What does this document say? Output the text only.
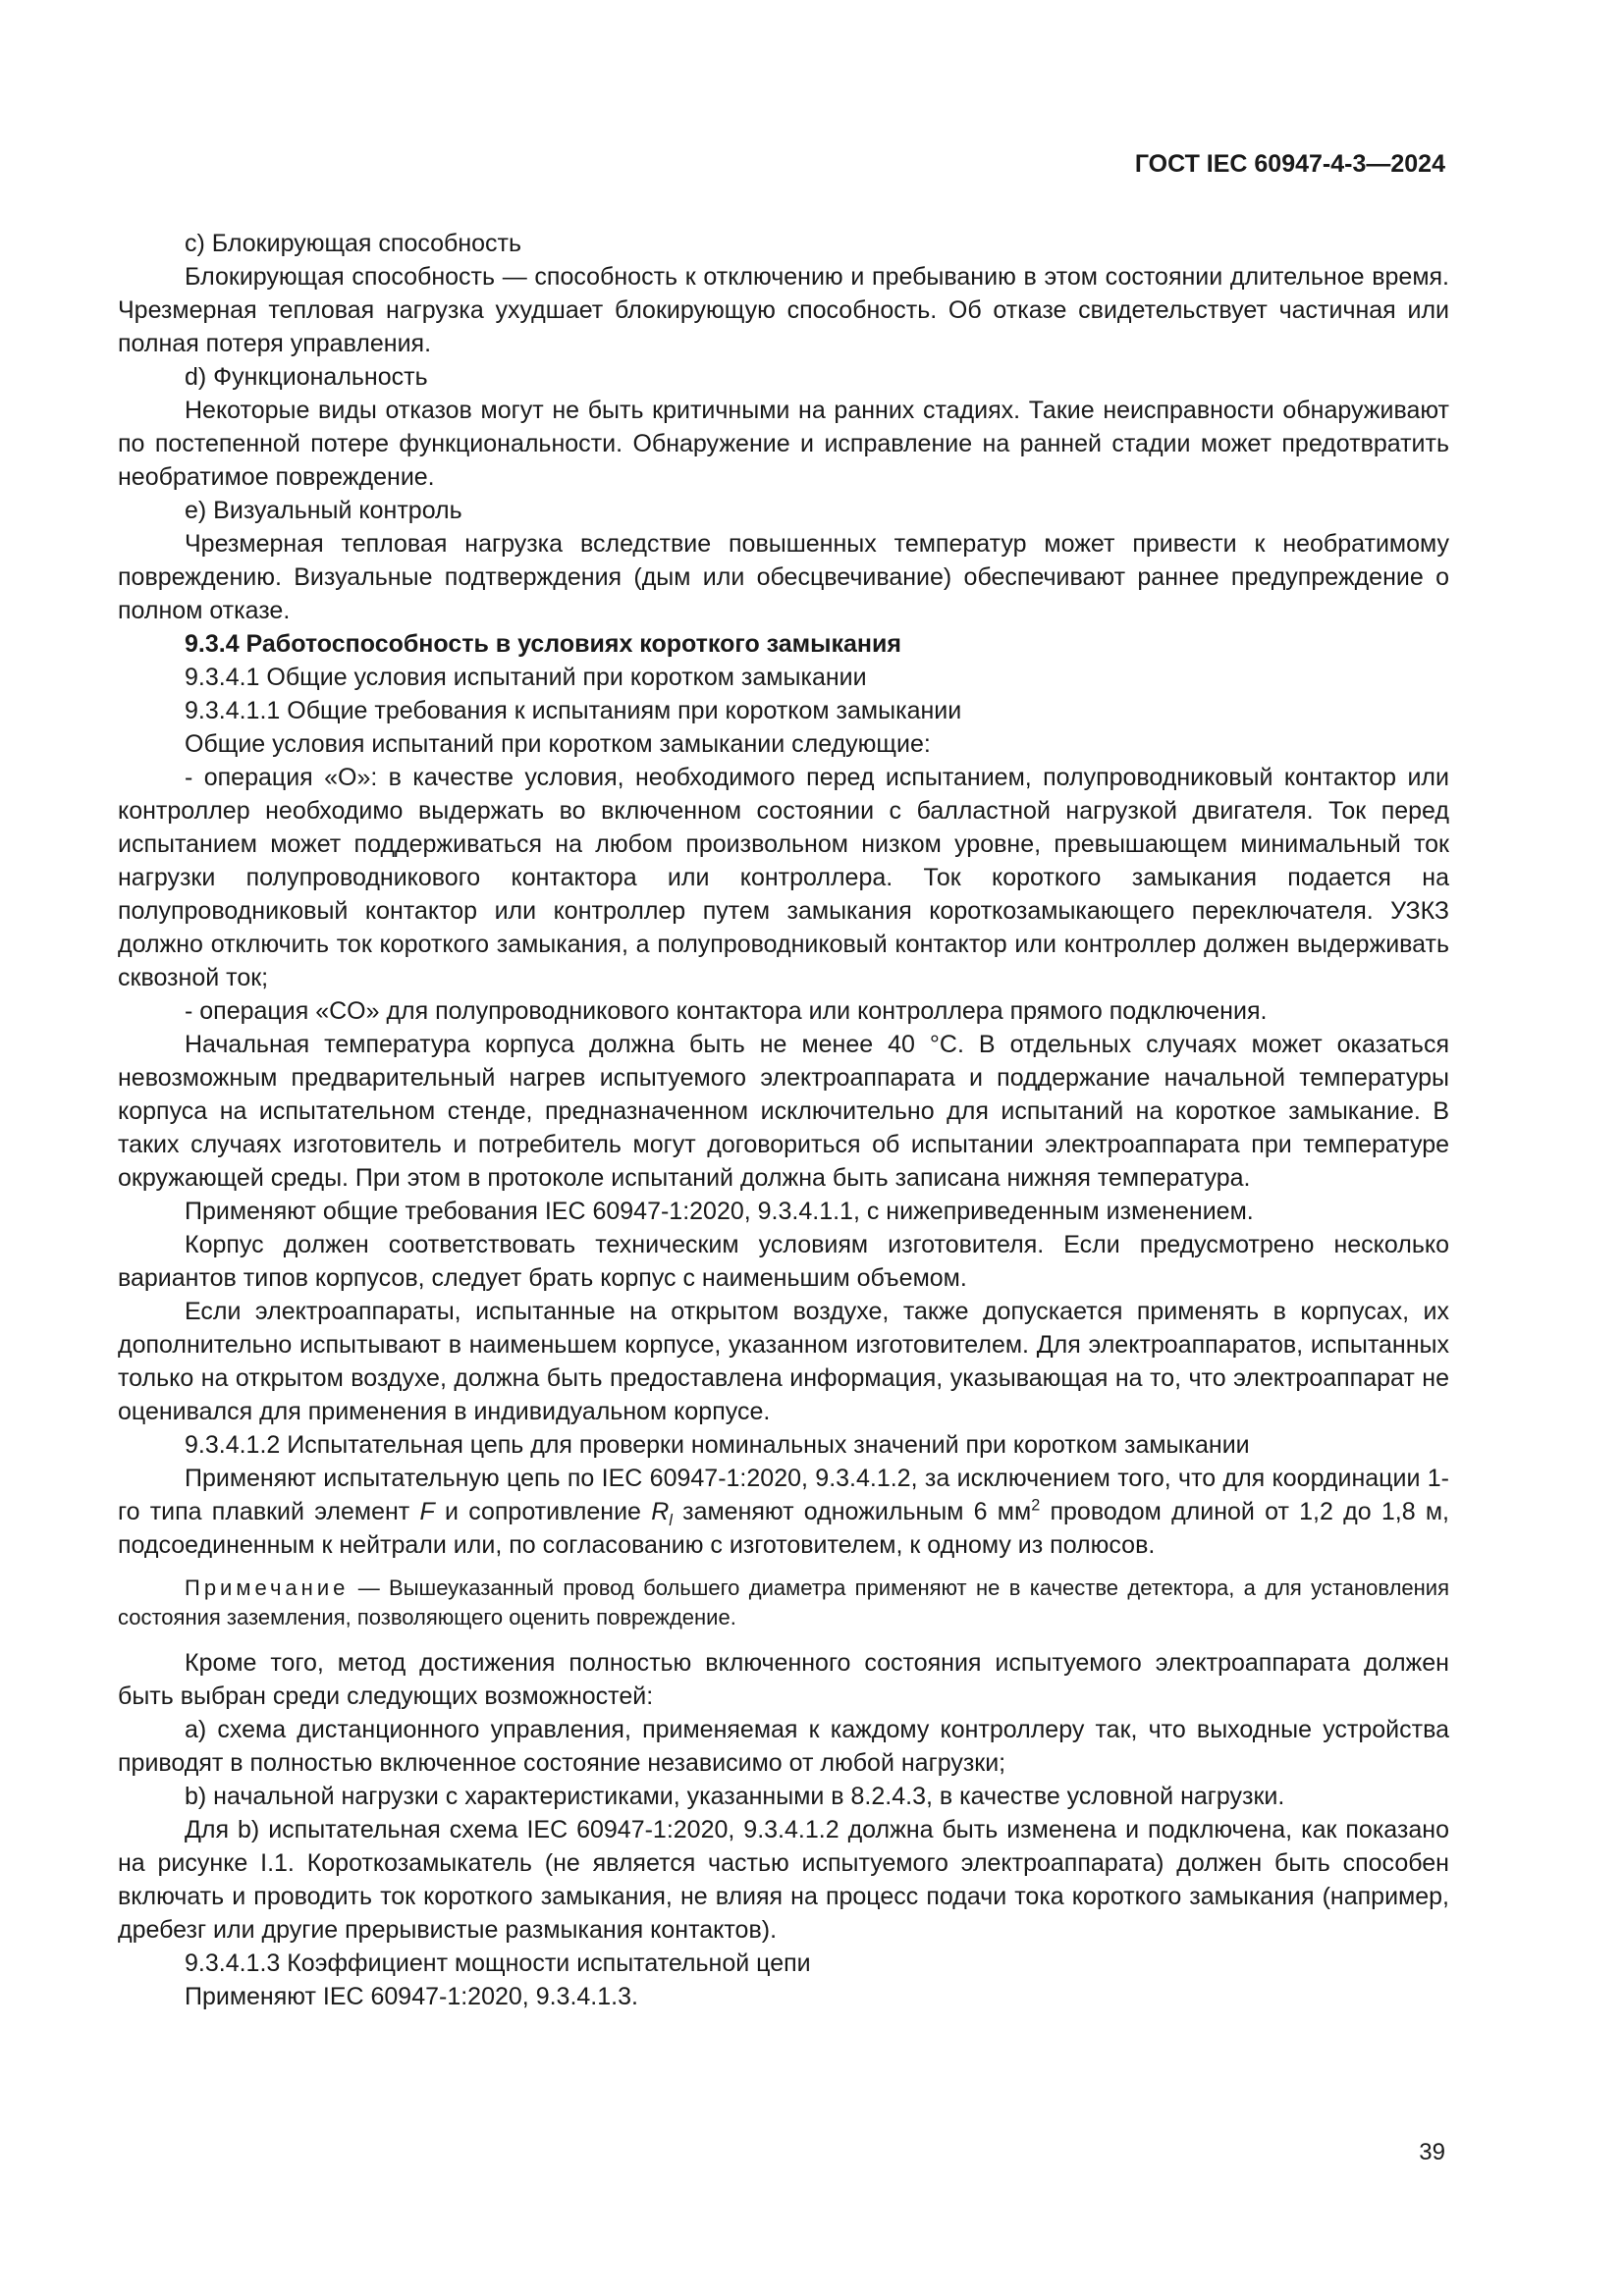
ГОСТ IEC 60947-4-3—2024

c) Блокирующая способность

Блокирующая способность — способность к отключению и пребыванию в этом состоянии длительное время. Чрезмерная тепловая нагрузка ухудшает блокирующую способность. Об отказе свидетельствует частичная или полная потеря управления.

d) Функциональность

Некоторые виды отказов могут не быть критичными на ранних стадиях. Такие неисправности обнаруживают по постепенной потере функциональности. Обнаружение и исправление на ранней стадии может предотвратить необратимое повреждение.

e) Визуальный контроль

Чрезмерная тепловая нагрузка вследствие повышенных температур может привести к необратимому повреждению. Визуальные подтверждения (дым или обесцвечивание) обеспечивают раннее предупреждение о полном отказе.

9.3.4 Работоспособность в условиях короткого замыкания

9.3.4.1 Общие условия испытаний при коротком замыкании

9.3.4.1.1 Общие требования к испытаниям при коротком замыкании

Общие условия испытаний при коротком замыкании следующие:

- операция «О»: в качестве условия, необходимого перед испытанием, полупроводниковый контактор или контроллер необходимо выдержать во включенном состоянии с балластной нагрузкой двигателя. Ток перед испытанием может поддерживаться на любом произвольном низком уровне, превышающем минимальный ток нагрузки полупроводникового контактора или контроллера. Ток короткого замыкания подается на полупроводниковый контактор или контроллер путем замыкания короткозамыкающего переключателя. УЗКЗ должно отключить ток короткого замыкания, а полупроводниковый контактор или контроллер должен выдерживать сквозной ток;

- операция «CO» для полупроводникового контактора или контроллера прямого подключения.

Начальная температура корпуса должна быть не менее 40 °С. В отдельных случаях может оказаться невозможным предварительный нагрев испытуемого электроаппарата и поддержание начальной температуры корпуса на испытательном стенде, предназначенном исключительно для испытаний на короткое замыкание. В таких случаях изготовитель и потребитель могут договориться об испытании электроаппарата при температуре окружающей среды. При этом в протоколе испытаний должна быть записана нижняя температура.

Применяют общие требования IEC 60947-1:2020, 9.3.4.1.1, с нижеприведенным изменением.

Корпус должен соответствовать техническим условиям изготовителя. Если предусмотрено несколько вариантов типов корпусов, следует брать корпус с наименьшим объемом.

Если электроаппараты, испытанные на открытом воздухе, также допускается применять в корпусах, их дополнительно испытывают в наименьшем корпусе, указанном изготовителем. Для электроаппаратов, испытанных только на открытом воздухе, должна быть предоставлена информация, указывающая на то, что электроаппарат не оценивался для применения в индивидуальном корпусе.

9.3.4.1.2 Испытательная цепь для проверки номинальных значений при коротком замыкании

Применяют испытательную цепь по IEC 60947-1:2020, 9.3.4.1.2, за исключением того, что для координации 1-го типа плавкий элемент F и сопротивление $R_l$ заменяют одножильным 6 $мм^2$ проводом длиной от 1,2 до 1,8 м, подсоединенным к нейтрали или, по согласованию с изготовителем, к одному из полюсов.

Примечание — Вышеуказанный провод большего диаметра применяют не в качестве детектора, а для установления состояния заземления, позволяющего оценить повреждение.

Кроме того, метод достижения полностью включенного состояния испытуемого электроаппарата должен быть выбран среди следующих возможностей:

a) схема дистанционного управления, применяемая к каждому контроллеру так, что выходные устройства приводят в полностью включенное состояние независимо от любой нагрузки;

b) начальной нагрузки с характеристиками, указанными в 8.2.4.3, в качестве условной нагрузки.

Для b) испытательная схема IEC 60947-1:2020, 9.3.4.1.2 должна быть изменена и подключена, как показано на рисунке I.1. Короткозамыкатель (не является частью испытуемого электроаппарата) должен быть способен включать и проводить ток короткого замыкания, не влияя на процесс подачи тока короткого замыкания (например, дребезг или другие прерывистые размыкания контактов).

9.3.4.1.3 Коэффициент мощности испытательной цепи

Применяют IEC 60947-1:2020, 9.3.4.1.3.

39
